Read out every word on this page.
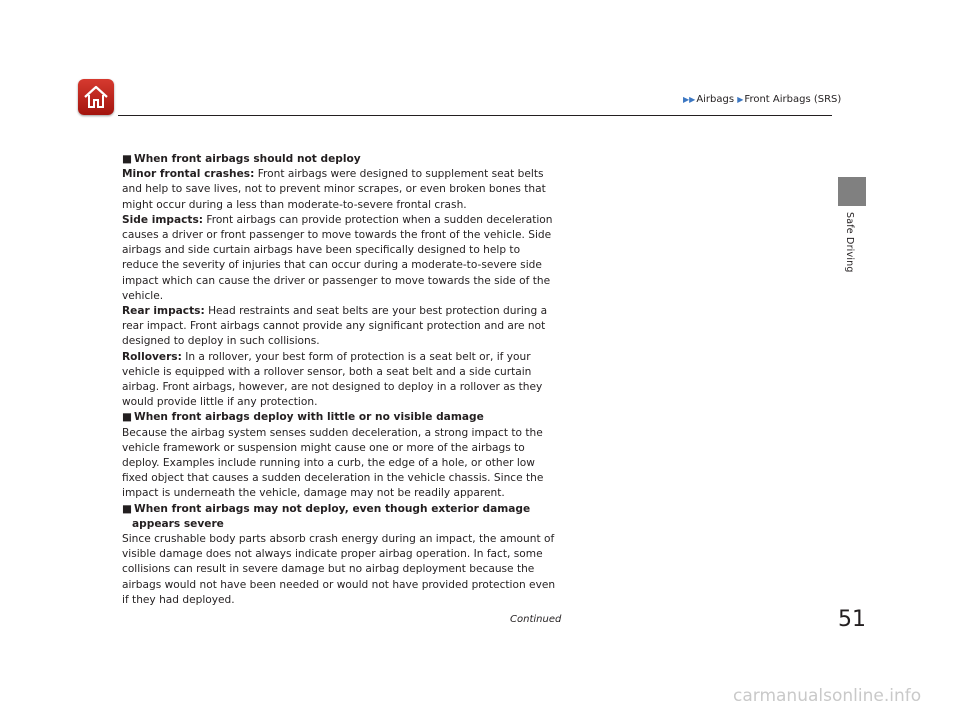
▶▶Airbags ▶Front Airbags (SRS)
Safe Driving

■ When front airbags should not deploy

Minor frontal crashes: Front airbags were designed to supplement seat belts and help to save lives, not to prevent minor scrapes, or even broken bones that might occur during a less than moderate-to-severe frontal crash.

Side impacts: Front airbags can provide protection when a sudden deceleration causes a driver or front passenger to move towards the front of the vehicle. Side airbags and side curtain airbags have been specifically designed to help to reduce the severity of injuries that can occur during a moderate-to-severe side impact which can cause the driver or passenger to move towards the side of the vehicle.

Rear impacts: Head restraints and seat belts are your best protection during a rear impact. Front airbags cannot provide any significant protection and are not designed to deploy in such collisions.

Rollovers: In a rollover, your best form of protection is a seat belt or, if your vehicle is equipped with a rollover sensor, both a seat belt and a side curtain airbag. Front airbags, however, are not designed to deploy in a rollover as they would provide little if any protection.

■ When front airbags deploy with little or no visible damage

Because the airbag system senses sudden deceleration, a strong impact to the vehicle framework or suspension might cause one or more of the airbags to deploy. Examples include running into a curb, the edge of a hole, or other low fixed object that causes a sudden deceleration in the vehicle chassis. Since the impact is underneath the vehicle, damage may not be readily apparent.

■ When front airbags may not deploy, even though exterior damage

appears severe

Since crushable body parts absorb crash energy during an impact, the amount of visible damage does not always indicate proper airbag operation. In fact, some collisions can result in severe damage but no airbag deployment because the airbags would not have been needed or would not have provided protection even if they had deployed.

Continued	51
carmanualsonline.info
